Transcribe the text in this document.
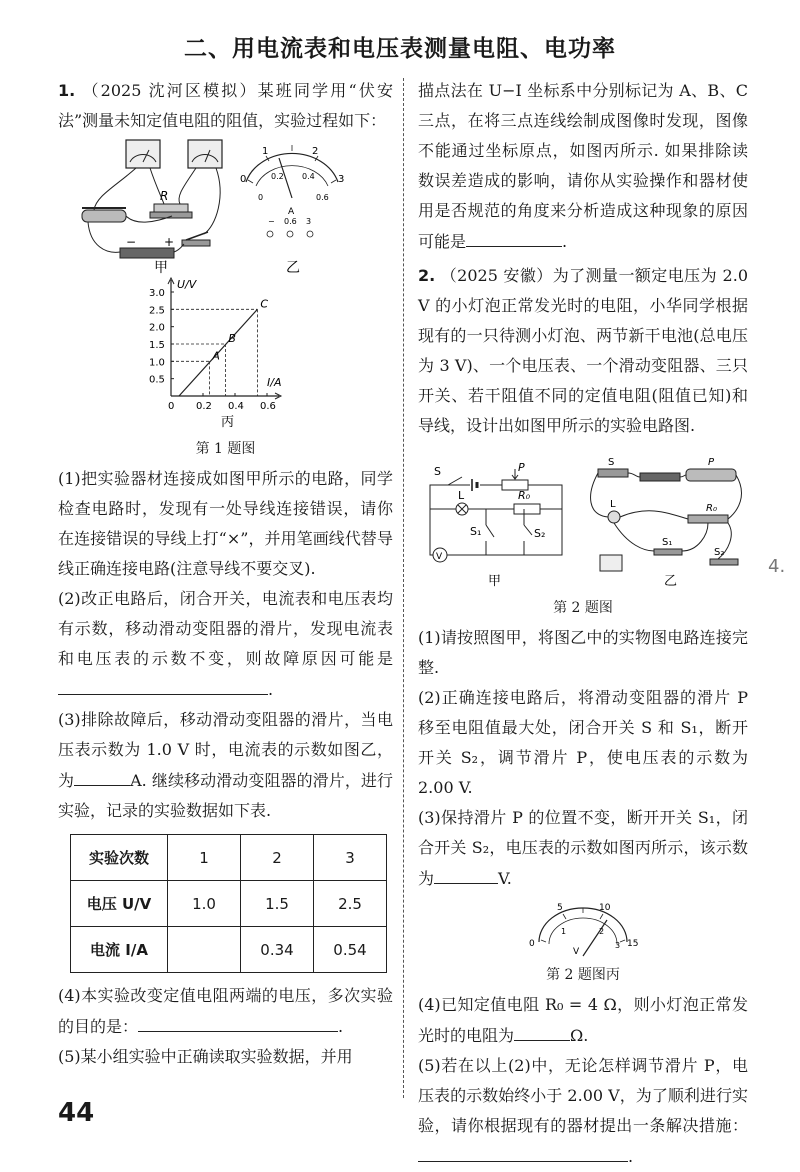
二、用电流表和电压表测量电阻、电功率

1. （2025 沈河区模拟）某班同学用“伏安法”测量未知定值电阻的阻值，实验过程如下：

R
− +
甲
0
1	2
3
0
0.2 0.4
0.6
A
− 0.6 3
乙
U/V
I/A
丙
0 0.2 0.4 0.6
0.5
1.0
1.5
2.0
2.5
3.0
A
B
C
第 1 题图

(1)把实验器材连接成如图甲所示的电路，同学检查电路时，发现有一处导线连接错误，请你在连接错误的导线上打“×”，并用笔画线代替导线正确连接电路(注意导线不要交叉).

(2)改正电路后，闭合开关，电流表和电压表均有示数，移动滑动变阻器的滑片，发现电流表和电压表的示数不变，则故障原因可能是.

(3)排除故障后，移动滑动变阻器的滑片，当电压表示数为 1.0 V 时，电流表的示数如图乙，为	A. 继续移动滑动变阻器的滑片，进行实验，记录的实验数据如下表.

实验次数	1	2	3
电压 U/V	1.0	1.5	2.5
电流 I/A		0.34	0.54

(4)本实验改变定值电阻两端的电压，多次实验的目的是：	.

(5)某小组实验中正确读取实验数据，并用

描点法在 U−I 坐标系中分别标记为 A、B、C 三点，在将三点连线绘制成图像时发现，图像不能通过坐标原点，如图丙所示. 如果排除读数误差造成的影响，请你从实验操作和器材使用是否规范的角度来分析造成这种现象的原因可能是	.

2. （2025 安徽）为了测量一额定电压为 2.0 V 的小灯泡正常发光时的电阻，小华同学根据现有的一只待测小灯泡、两节新干电池(总电压为 3 V)、一个电压表、一个滑动变阻器、三只开关、若干阻值不同的定值电阻(阻值已知)和导线，设计出如图甲所示的实验电路图.

S	P
L	R₀
S₁	S₂
V
甲
S	P
L	R₀
S₁
S₂
乙
第 2 题图

(1)请按照图甲，将图乙中的实物图电路连接完整.

(2)正确连接电路后，将滑动变阻器的滑片 P 移至电阻值最大处，闭合开关 S 和 S₁，断开开关 S₂，调节滑片 P，使电压表的示数为 2.00 V.

(3)保持滑片 P 的位置不变，断开开关 S₁，闭合开关 S₂，电压表的示数如图丙所示，该示数为	V.

0
5	10
15
1	2
3
V
第 2 题图丙

(4)已知定值电阻 R₀ = 4 Ω，则小灯泡正常发光时的电阻为	Ω.

(5)若在以上(2)中，无论怎样调节滑片 P，电压表的示数始终小于 2.00 V，为了顺利进行实验，请你根据现有的器材提出一条解决措施：.

44
4.
